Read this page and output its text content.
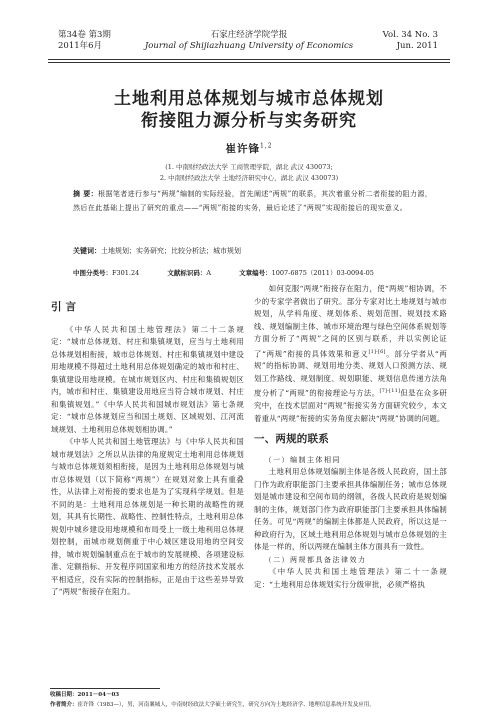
第34卷 第3期
2011年6月
石家庄经济学院学报
Journal of Shijiazhuang University of Economics
Vol. 34 No. 3
Jun. 2011
土地利用总体规划与城市总体规划
衔接阻力源分析与实务研究
崔许锋$^{1,2}$
(1. 中南财经政法大学 工商管理学院，湖北 武汉 430073;
2. 中南财经政法大学 土地经济研究中心，湖北 武汉 430073)
摘 要：根据笔者进行参与“两规”编制的实际经验，首先阐述“两规”的联系，其次着重分析二者衔接的阻力源，然后在此基础上提出了研究的重点——“两规”衔接的实务，最后论述了“两规”实现衔接后的现实意义。
关键词：土地规划；实务研究；比较分析法；城市规划
中图分类号：F301.24	文献标识码：A	文章编号：1007-6875（2011）03-0094-05

引 言

《中华人民共和国土地管理法》第二十二条规定：“城市总体规划、村庄和集镇规划，应当与土地利用总体规划相衔接，城市总体规划、村庄和集镇规划中建设用地规模不得超过土地利用总体规划确定的城市和村庄、集镇建设用地规模。在城市规划区内、村庄和集镇规划区内，城市和村庄、集镇建设用地应当符合城市规划、村庄和集镇规划。”《中华人民共和国城市规划法》第七条规定：“城市总体规划应当和国土规划、区域规划、江河流域规划、土地利用总体规划相协调。”

《中华人民共和国土地管理法》与《中华人民共和国城市规划法》之所以从法律的角度规定土地利用总体规划与城市总体规划须相衔接，是因为土地利用总体规划与城市总体规划（以下简称“两规”）在规划对象上具有重叠性，从法律上对衔接的要求也是为了实现科学规划。但是不同的是：土地利用总体规划是一种长期的战略性的规划，其具有长期性、战略性、控制性特点，土地利用总体规划中城乡建设用地规模和布局受上一级土地利用总体规划控制，而城市规划侧重于中心城区建设用地的空间安排，城市规划编制重点在于城市的发展规模、各项建设标准、定额指标、开发程序同国家和地方的经济技术发展水平相适应，没有实际的控制指标，正是由于这些差异导致了“两规”衔接存在阻力。

如何克服“两规”衔接存在阻力，使“两规”相协调，不少的专家学者做出了研究。部分专家对比土地规划与城市规划，从学科角度、规划体系、规划范围、规划技术路线、规划编制主体、城市环境治理与绿色空间体系规划等方面分析了“两规”之间的区别与联系，并以实例论证了“两规”衔接的具体效果和意义[1]-[6]。部分学者从“两规”的指标协调、规划用地分类、规划人口预测方法、规划工作路线、规划制度、规划职能、规划信息传递方法角度分析了“两规”的衔接理论与方法。[7]-[11]但是在众多研究中，在技术层面对“两规”衔接实务方面研究较少，本文着重从“两规”衔接的实务角度去解决“两规”协调的问题。

一、两规的联系

（一）编制主体相同

土地利用总体规划编制主体是各级人民政府，国土部门作为政府职能部门主要承担具体编制任务；城市总体规划是城市建设和空间布局的纲领，各级人民政府是规划编制的主体，规划部门作为政府职能部门主要承担具体编制任务。可见“两规”的编制主体都是人民政府，所以这是一种政府行为，区域土地利用总体规划与城市总体规划的主体是一样的，所以两规在编制主体方面具有一致性。

（二）两规都具备法律效力

《中华人民共和国土地管理法》第二十一条规定：“土地利用总体规划实行分级审批，必须严格执

收稿日期：2011－04－03
作者简介：崔许锋（1983—），男，河南襄城人，中南财经政法大学硕士研究生，研究方向为土地经济学、地理信息系统开发及应用。
